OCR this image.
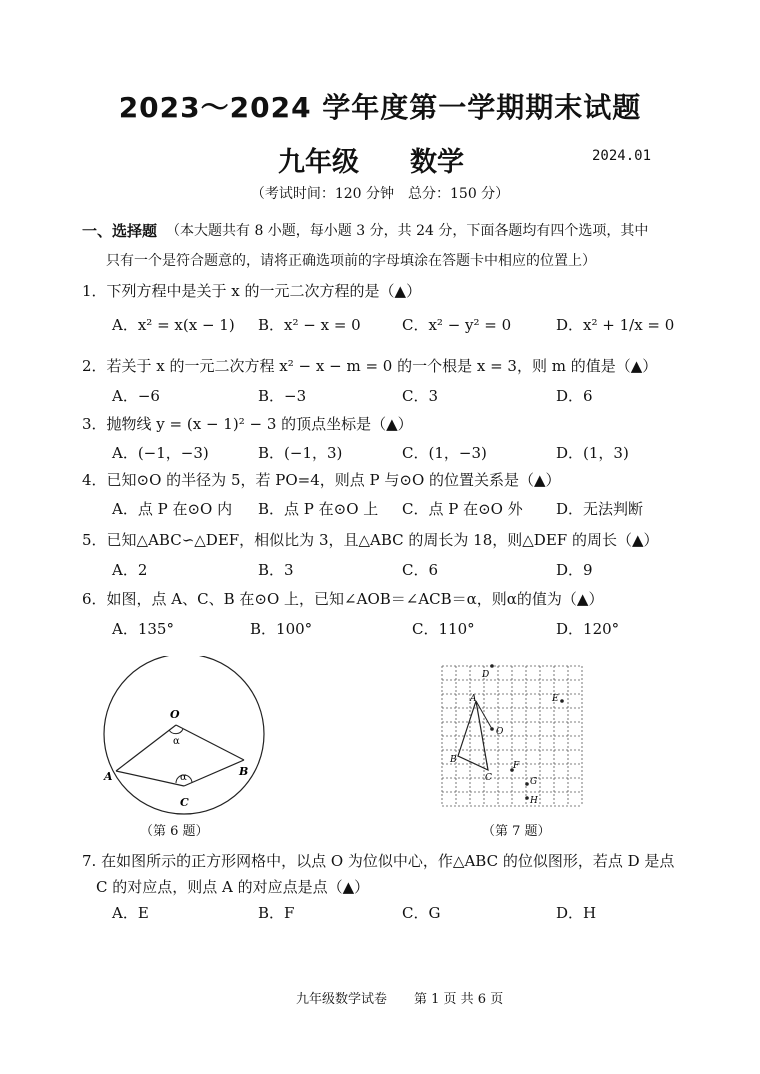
2023～2024 学年度第一学期期末试题
九年级 数学	2024.01
（考试时间：120 分钟　总分：150 分）
一、选择题 （本大题共有 8 小题，每小题 3 分，共 24 分，下面各题均有四个选项，其中
只有一个是符合题意的，请将正确选项前的字母填涂在答题卡中相应的位置上）
1．下列方程中是关于 x 的一元二次方程的是（▲）
A．x² = x(x − 1) B．x² − x = 0	C．x² − y² = 0	D．x² + 1/x = 0
2．若关于 x 的一元二次方程 x² − x − m = 0 的一个根是 x = 3，则 m 的值是（▲）
A．−6	B．−3	C．3	D．6
3．抛物线 y = (x − 1)² − 3 的顶点坐标是（▲）
A．(−1，−3)	B．(−1，3)	C．(1，−3)	D．(1，3)
4．已知⊙O 的半径为 5，若 PO=4，则点 P 与⊙O 的位置关系是（▲）
A．点 P 在⊙O 内 B．点 P 在⊙O 上 C．点 P 在⊙O 外 D．无法判断
5．已知△ABC∽△DEF，相似比为 3，且△ABC 的周长为 18，则△DEF 的周长（▲）
A．2	B．3	C．6	D．9
6．如图，点 A、C、B 在⊙O 上，已知∠AOB＝∠ACB＝α，则α的值为（▲）
A．135°	B．100°	C．110°	D．120°
O
α
A	B
α
C
（第 6 题）
A
B
C
O
D
E
F
G
H
（第 7 题）
7. 在如图所示的正方形网格中，以点 O 为位似中心，作△ABC 的位似图形，若点 D 是点
C 的对应点，则点 A 的对应点是点（▲）
A．E	B．F	C．G	D．H
九年级数学试卷 第 1 页 共 6 页
